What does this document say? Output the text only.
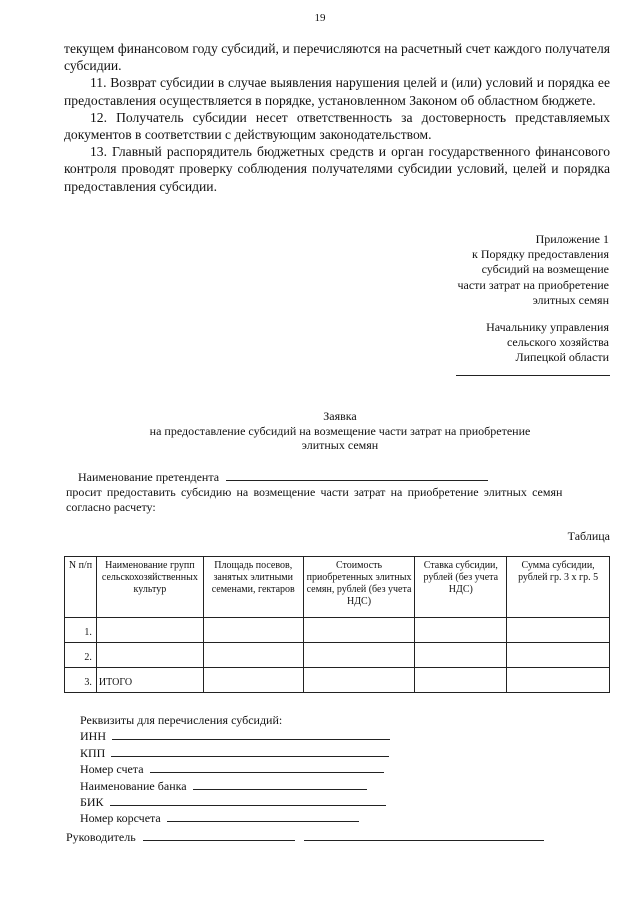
19

текущем финансовом году субсидий, и перечисляются на расчетный счет каждого получателя субсидии.

11. Возврат субсидии в случае выявления нарушения целей и (или) условий и порядка ее предоставления осуществляется в порядке, установленном Законом об областном бюджете.

12. Получатель субсидии несет ответственность за достоверность представляемых документов в соответствии с действующим законодательством.

13. Главный распорядитель бюджетных средств и орган государственного финансового контроля проводят проверку соблюдения получателями субсидии условий, целей и порядка предоставления субсидии.

Приложение 1
к Порядку предоставления
субсидий на возмещение
части затрат на приобретение
элитных семян
Начальнику управления
сельского хозяйства
Липецкой области
Заявка
на предоставление субсидий на возмещение части затрат на приобретение
элитных семян
Наименование претендента
просит предоставить субсидию на возмещение части затрат на приобретение элитных семян
согласно расчету:
Таблица
N п/п	Наименование групп сельскохозяйственных культур	Площадь посевов, занятых элитными семенами, гектаров	Стоимость приобретенных элитных семян, рублей (без учета НДС)	Ставка субсидии, рублей (без учета НДС)	Сумма субсидии, рублей гр. 3 x гр. 5
1.					
2.					
3.	ИТОГО				
Реквизиты для перечисления субсидий:
ИНН
КПП
Номер счета
Наименование банка
БИК
Номер корсчета
Руководитель
